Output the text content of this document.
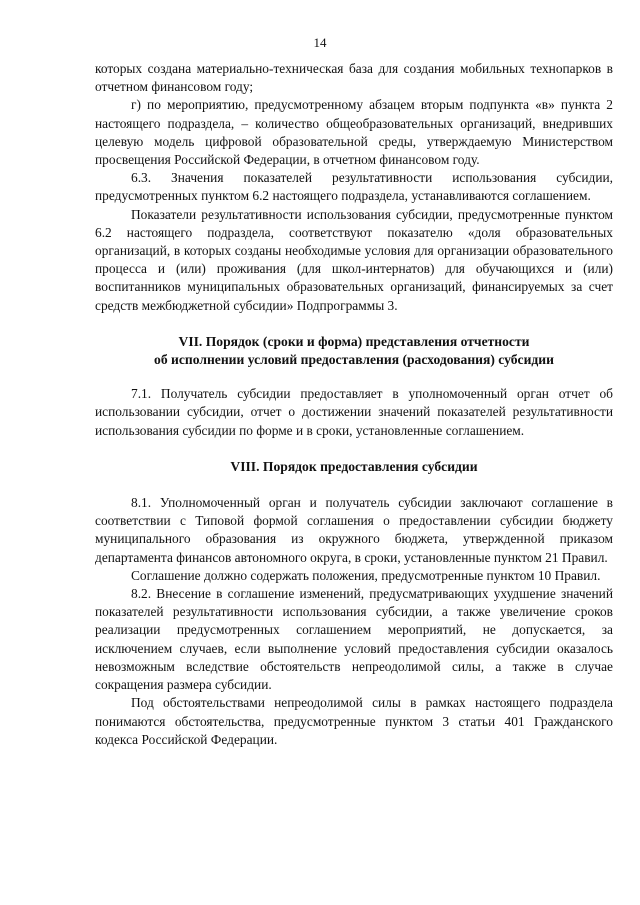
14

которых создана материально-техническая база для создания мобильных технопарков в отчетном финансовом году;

г) по мероприятию, предусмотренному абзацем вторым подпункта «в» пункта 2 настоящего подраздела, – количество общеобразовательных организаций, внедривших целевую модель цифровой образовательной среды, утверждаемую Министерством просвещения Российской Федерации, в отчетном финансовом году.

6.3. Значения показателей результативности использования субсидии, предусмотренных пунктом 6.2 настоящего подраздела, устанавливаются соглашением.

Показатели результативности использования субсидии, предусмотренные пунктом 6.2 настоящего подраздела, соответствуют показателю «доля образовательных организаций, в которых созданы необходимые условия для организации образовательного процесса и (или) проживания (для школ-интернатов) для обучающихся и (или) воспитанников муниципальных образовательных организаций, финансируемых за счет средств межбюджетной субсидии» Подпрограммы 3.

VII. Порядок (сроки и форма) представления отчетности
об исполнении условий предоставления (расходования) субсидии

7.1. Получатель субсидии предоставляет в уполномоченный орган отчет об использовании субсидии, отчет о достижении значений показателей результативности использования субсидии по форме и в сроки, установленные соглашением.

VIII. Порядок предоставления субсидии

8.1. Уполномоченный орган и получатель субсидии заключают соглашение в соответствии с Типовой формой соглашения о предоставлении субсидии бюджету муниципального образования из окружного бюджета, утвержденной приказом департамента финансов автономного округа, в сроки, установленные пунктом 21 Правил.

Соглашение должно содержать положения, предусмотренные пунктом 10 Правил.

8.2. Внесение в соглашение изменений, предусматривающих ухудшение значений показателей результативности использования субсидии, а также увеличение сроков реализации предусмотренных соглашением мероприятий, не допускается, за исключением случаев, если выполнение условий предоставления субсидии оказалось невозможным вследствие обстоятельств непреодолимой силы, а также в случае сокращения размера субсидии.

Под обстоятельствами непреодолимой силы в рамках настоящего подраздела понимаются обстоятельства, предусмотренные пунктом 3 статьи 401 Гражданского кодекса Российской Федерации.
